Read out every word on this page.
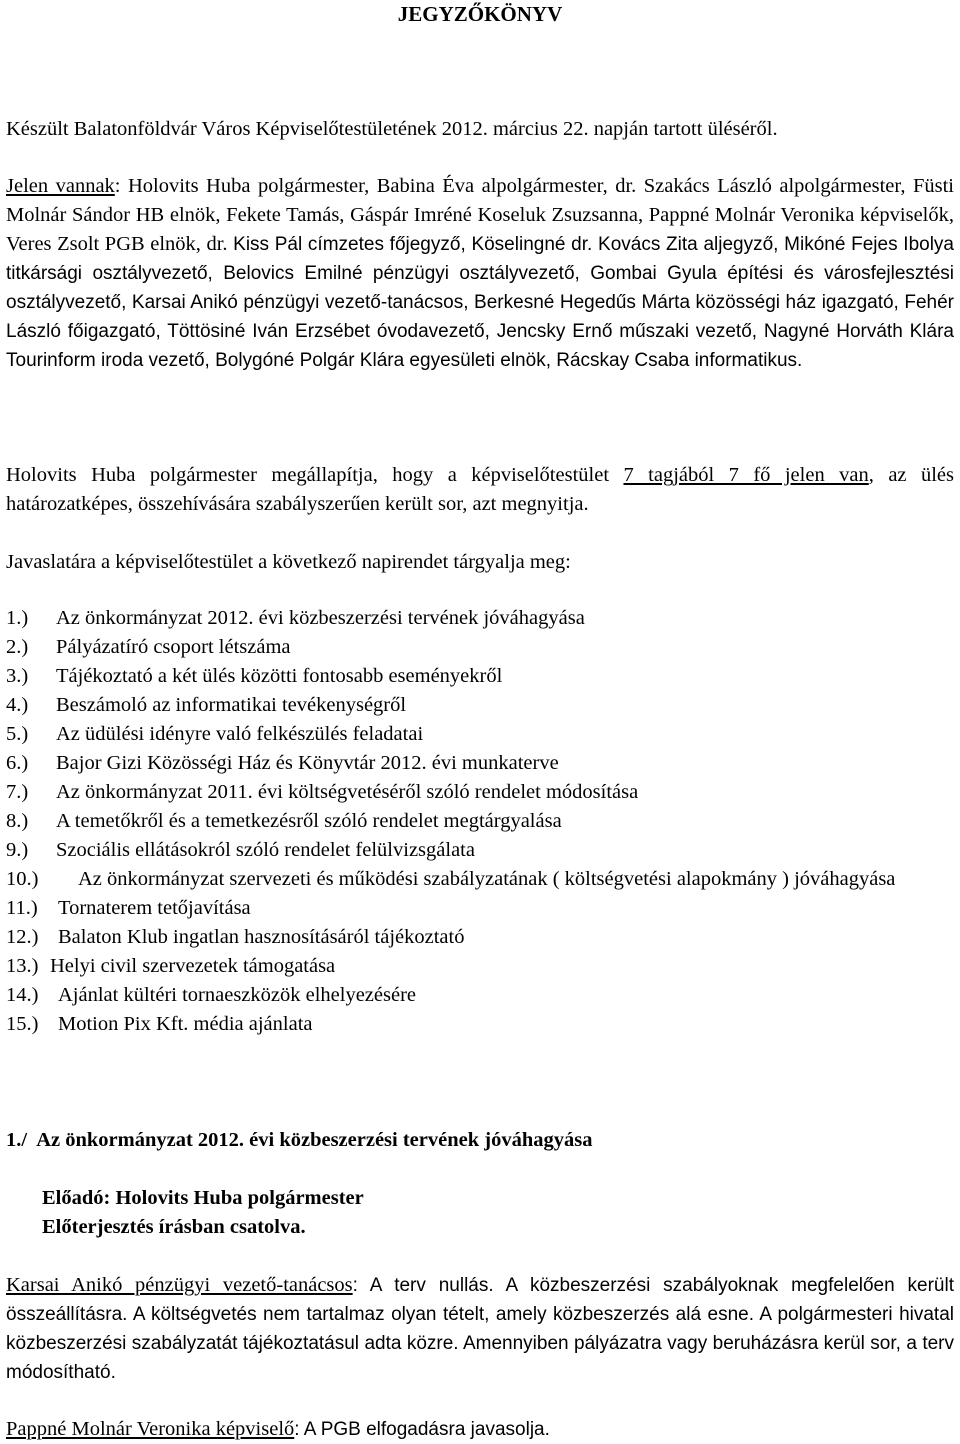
JEGYZŐKÖNYV
Készült Balatonföldvár Város Képviselőtestületének 2012. március 22. napján tartott üléséről.
Jelen vannak: Holovits Huba polgármester, Babina Éva alpolgármester, dr. Szakács László alpolgármester, Füsti Molnár Sándor HB elnök, Fekete Tamás, Gáspár Imréné Koseluk Zsuzsanna, Pappné Molnár Veronika képviselők, Veres Zsolt PGB elnök, dr. Kiss Pál címzetes főjegyző, Köselingné dr. Kovács Zita aljegyző, Mikóné Fejes Ibolya titkársági osztályvezető, Belovics Emilné pénzügyi osztályvezető, Gombai Gyula építési és városfejlesztési osztályvezető, Karsai Anikó pénzügyi vezető-tanácsos, Berkesné Hegedűs Márta közösségi ház igazgató, Fehér László főigazgató, Töttösiné Iván Erzsébet óvodavezető, Jencsky Ernő műszaki vezető, Nagyné Horváth Klára Tourinform iroda vezető, Bolygóné Polgár Klára egyesületi elnök, Rácskay Csaba informatikus.
Holovits Huba polgármester megállapítja, hogy a képviselőtestület 7 tagjából 7 fő jelen van, az ülés határozatképes, összehívására szabályszerűen került sor, azt megnyitja.
Javaslatára a képviselőtestület a következő napirendet tárgyalja meg:
1.)	Az önkormányzat 2012. évi közbeszerzési tervének jóváhagyása
2.)	Pályázatíró csoport létszáma
3.)	Tájékoztató a két ülés közötti fontosabb eseményekről
4.)	Beszámoló az informatikai tevékenységről
5.)	Az üdülési idényre való felkészülés feladatai
6.)	Bajor Gizi Közösségi Ház és Könyvtár 2012. évi munkaterve
7.)	Az önkormányzat 2011. évi költségvetéséről szóló rendelet módosítása
8.)	A temetőkről és a temetkezésről szóló rendelet megtárgyalása
9.)	Szociális ellátásokról szóló rendelet felülvizsgálata
10.)	Az önkormányzat szervezeti és működési szabályzatának ( költségvetési alapokmány ) jóváhagyása
11.) Tornaterem tetőjavítása
12.) Balaton Klub ingatlan hasznosításáról tájékoztató
13.) Helyi civil szervezetek támogatása
14.) Ajánlat kültéri tornaeszközök elhelyezésére
15.) Motion Pix Kft. média ajánlata
1./  Az önkormányzat 2012. évi közbeszerzési tervének jóváhagyása
Előadó: Holovits Huba polgármester
Előterjesztés írásban csatolva.
Karsai Anikó pénzügyi vezető-tanácsos: A terv nullás. A közbeszerzési szabályoknak megfelelően került összeállításra. A költségvetés nem tartalmaz olyan tételt, amely közbeszerzés alá esne. A polgármesteri hivatal közbeszerzési szabályzatát tájékoztatásul adta közre. Amennyiben pályázatra vagy beruházásra kerül sor, a terv módosítható.
Pappné Molnár Veronika képviselő: A PGB elfogadásra javasolja.
